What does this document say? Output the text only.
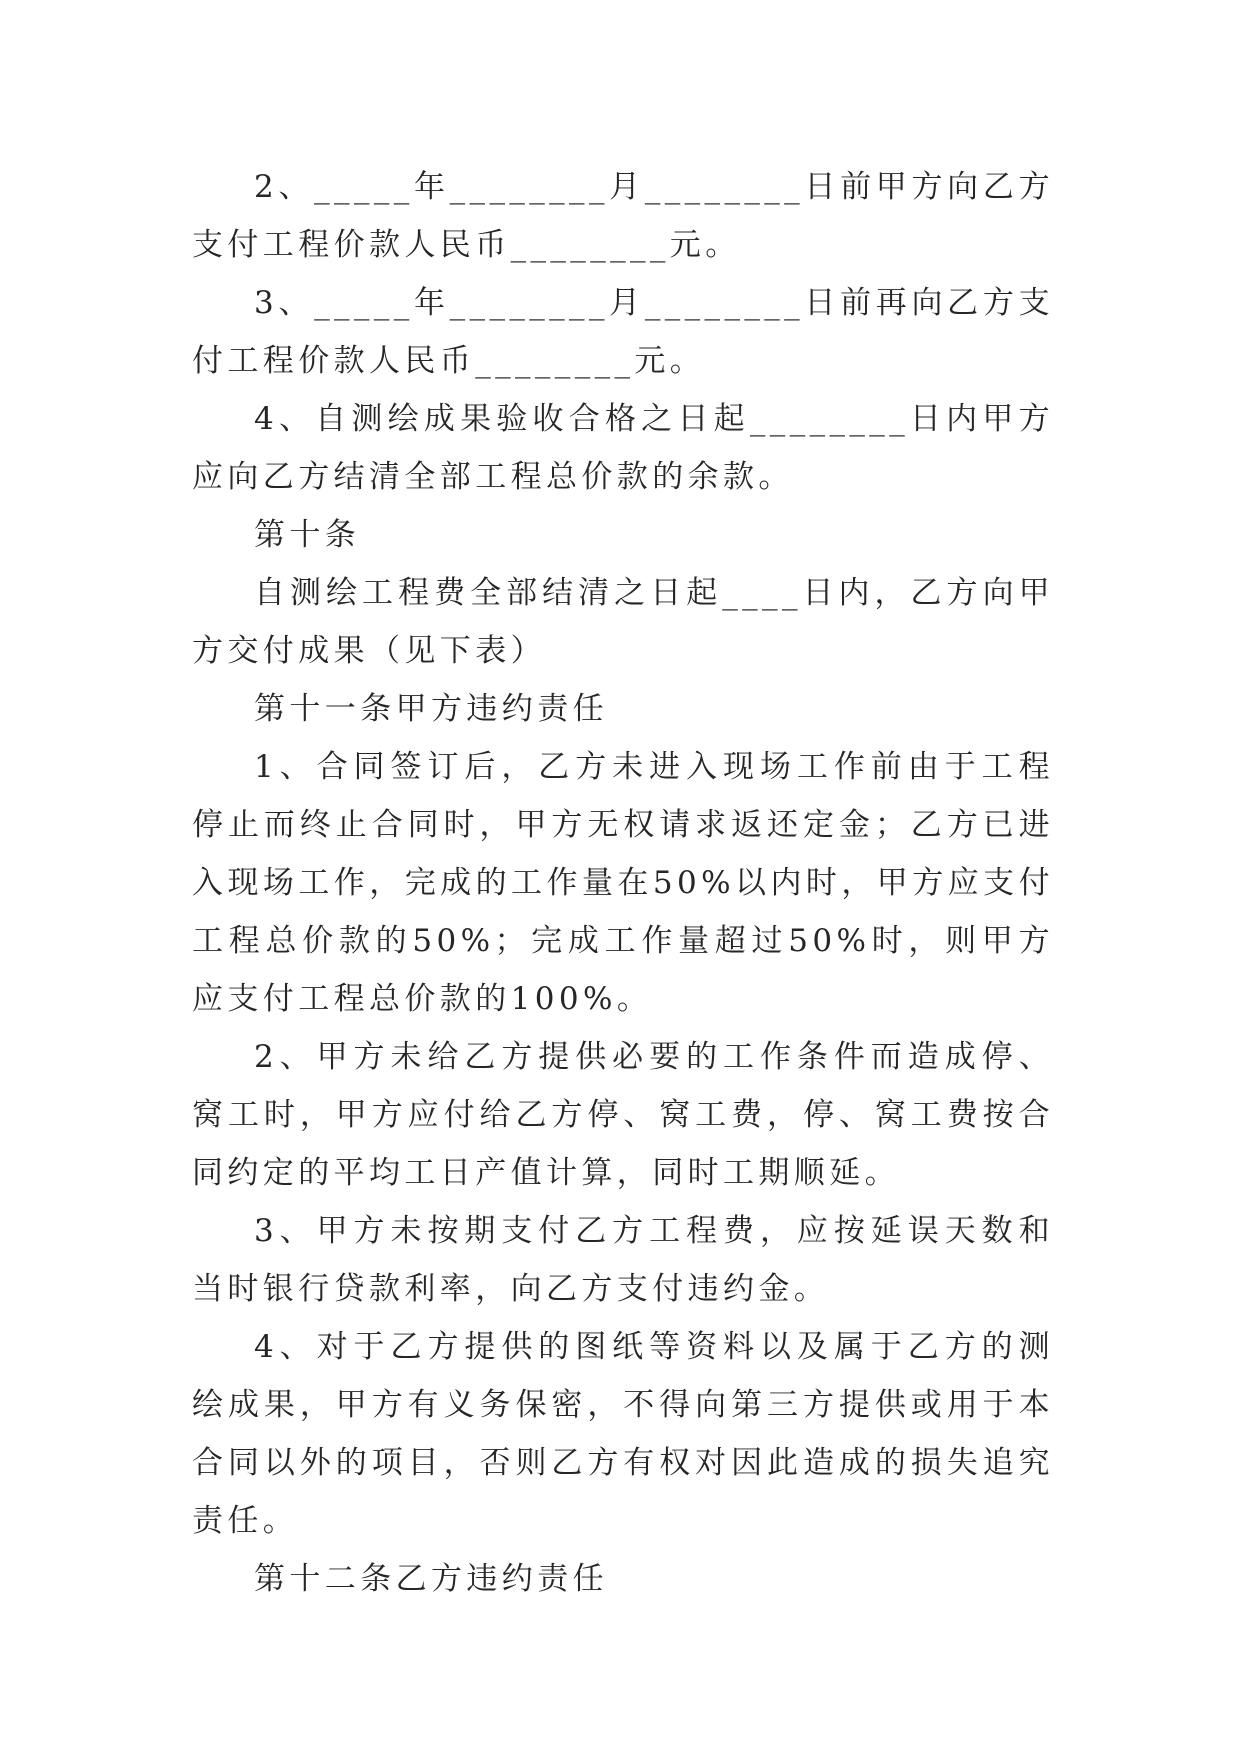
2、_____年________月________日前甲方向乙方支付工程价款人民币________元。

3、_____年________月________日前再向乙方支付工程价款人民币________元。

4、自测绘成果验收合格之日起________日内甲方应向乙方结清全部工程总价款的余款。

第十条

自测绘工程费全部结清之日起____日内，乙方向甲方交付成果（见下表）

第十一条甲方违约责任

1、合同签订后，乙方未进入现场工作前由于工程停止而终止合同时，甲方无权请求返还定金；乙方已进入现场工作，完成的工作量在50%以内时，甲方应支付工程总价款的50%；完成工作量超过50%时，则甲方应支付工程总价款的100%。

2、甲方未给乙方提供必要的工作条件而造成停、窝工时，甲方应付给乙方停、窝工费，停、窝工费按合同约定的平均工日产值计算，同时工期顺延。

3、甲方未按期支付乙方工程费，应按延误天数和当时银行贷款利率，向乙方支付违约金。

4、对于乙方提供的图纸等资料以及属于乙方的测绘成果，甲方有义务保密，不得向第三方提供或用于本合同以外的项目，否则乙方有权对因此造成的损失追究责任。

第十二条乙方违约责任
